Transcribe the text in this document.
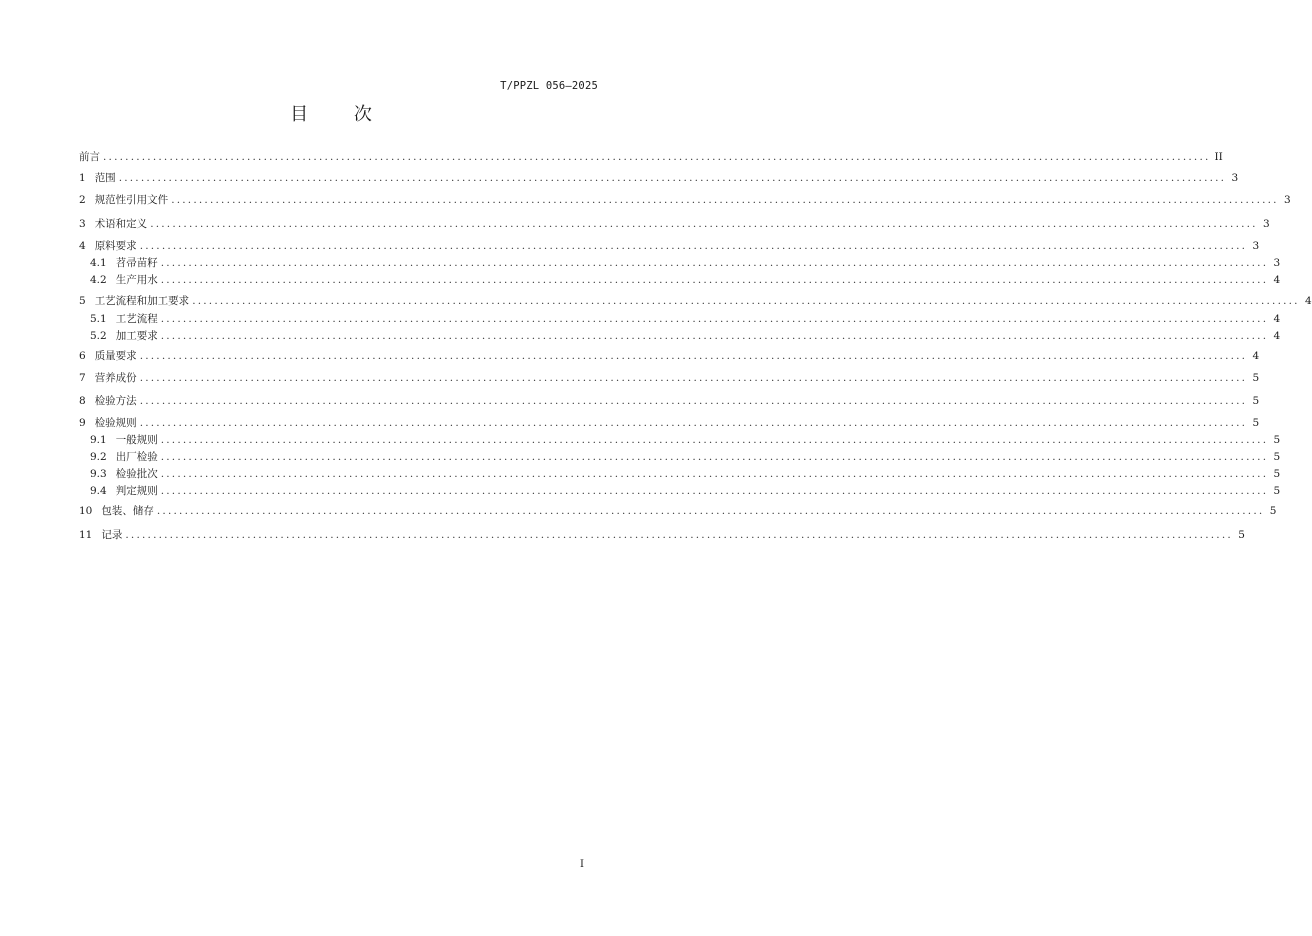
T/PPZL 056—2025
目 次
前言 ........................................................................................................................................................................................................ II
1 范围 ........................................................................................................................................................................................................ 3
2 规范性引用文件 ........................................................................................................................................................................................................ 3
3 术语和定义 ........................................................................................................................................................................................................ 3
4 原料要求 ........................................................................................................................................................................................................ 3
4.1 苕帚苗籽 ........................................................................................................................................................................................................ 3
4.2 生产用水 ........................................................................................................................................................................................................ 4
5 工艺流程和加工要求 ........................................................................................................................................................................................................ 4
5.1 工艺流程 ........................................................................................................................................................................................................ 4
5.2 加工要求 ........................................................................................................................................................................................................ 4
6 质量要求 ........................................................................................................................................................................................................ 4
7 营养成份 ........................................................................................................................................................................................................ 5
8 检验方法 ........................................................................................................................................................................................................ 5
9 检验规则 ........................................................................................................................................................................................................ 5
9.1 一般规则 ........................................................................................................................................................................................................ 5
9.2 出厂检验 ........................................................................................................................................................................................................ 5
9.3 检验批次 ........................................................................................................................................................................................................ 5
9.4 判定规则 ........................................................................................................................................................................................................ 5
10 包装、储存 ........................................................................................................................................................................................................ 5
11 记录 ........................................................................................................................................................................................................ 5
I
